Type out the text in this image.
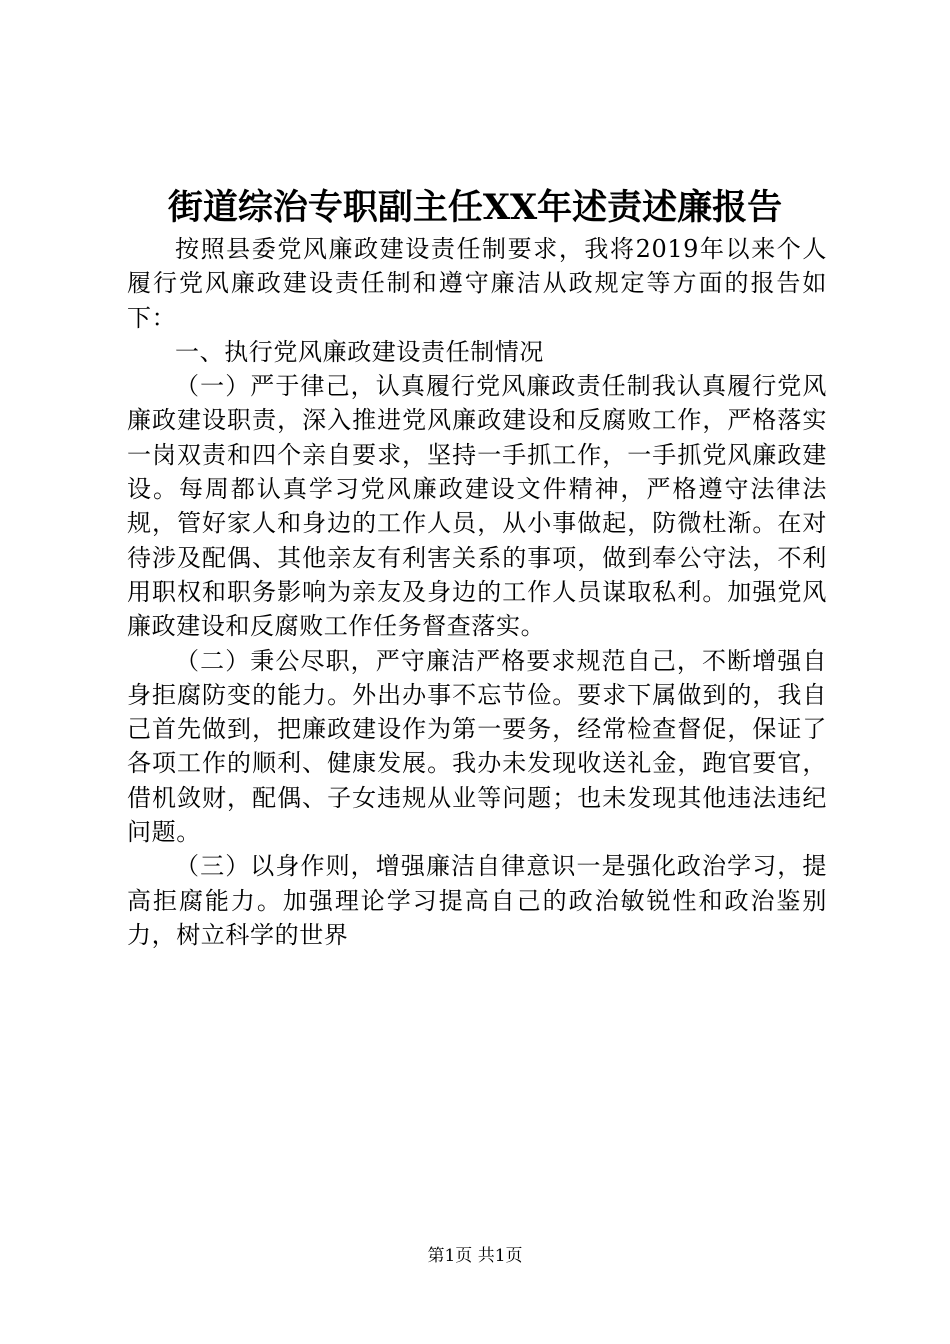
街道综治专职副主任XX年述责述廉报告

按照县委党风廉政建设责任制要求，我将2019年以来个人履行党风廉政建设责任制和遵守廉洁从政规定等方面的报告如下：

一、执行党风廉政建设责任制情况

（一）严于律己，认真履行党风廉政责任制我认真履行党风廉政建设职责，深入推进党风廉政建设和反腐败工作，严格落实一岗双责和四个亲自要求，坚持一手抓工作，一手抓党风廉政建设。每周都认真学习党风廉政建设文件精神，严格遵守法律法规，管好家人和身边的工作人员，从小事做起，防微杜渐。在对待涉及配偶、其他亲友有利害关系的事项，做到奉公守法，不利用职权和职务影响为亲友及身边的工作人员谋取私利。加强党风廉政建设和反腐败工作任务督查落实。

（二）秉公尽职，严守廉洁严格要求规范自己，不断增强自身拒腐防变的能力。外出办事不忘节俭。要求下属做到的，我自己首先做到，把廉政建设作为第一要务，经常检查督促，保证了各项工作的顺利、健康发展。我办未发现收送礼金，跑官要官，借机敛财，配偶、子女违规从业等问题；也未发现其他违法违纪问题。

（三）以身作则，增强廉洁自律意识一是强化政治学习，提高拒腐能力。加强理论学习提高自己的政治敏锐性和政治鉴别力，树立科学的世界

第1页 共1页
